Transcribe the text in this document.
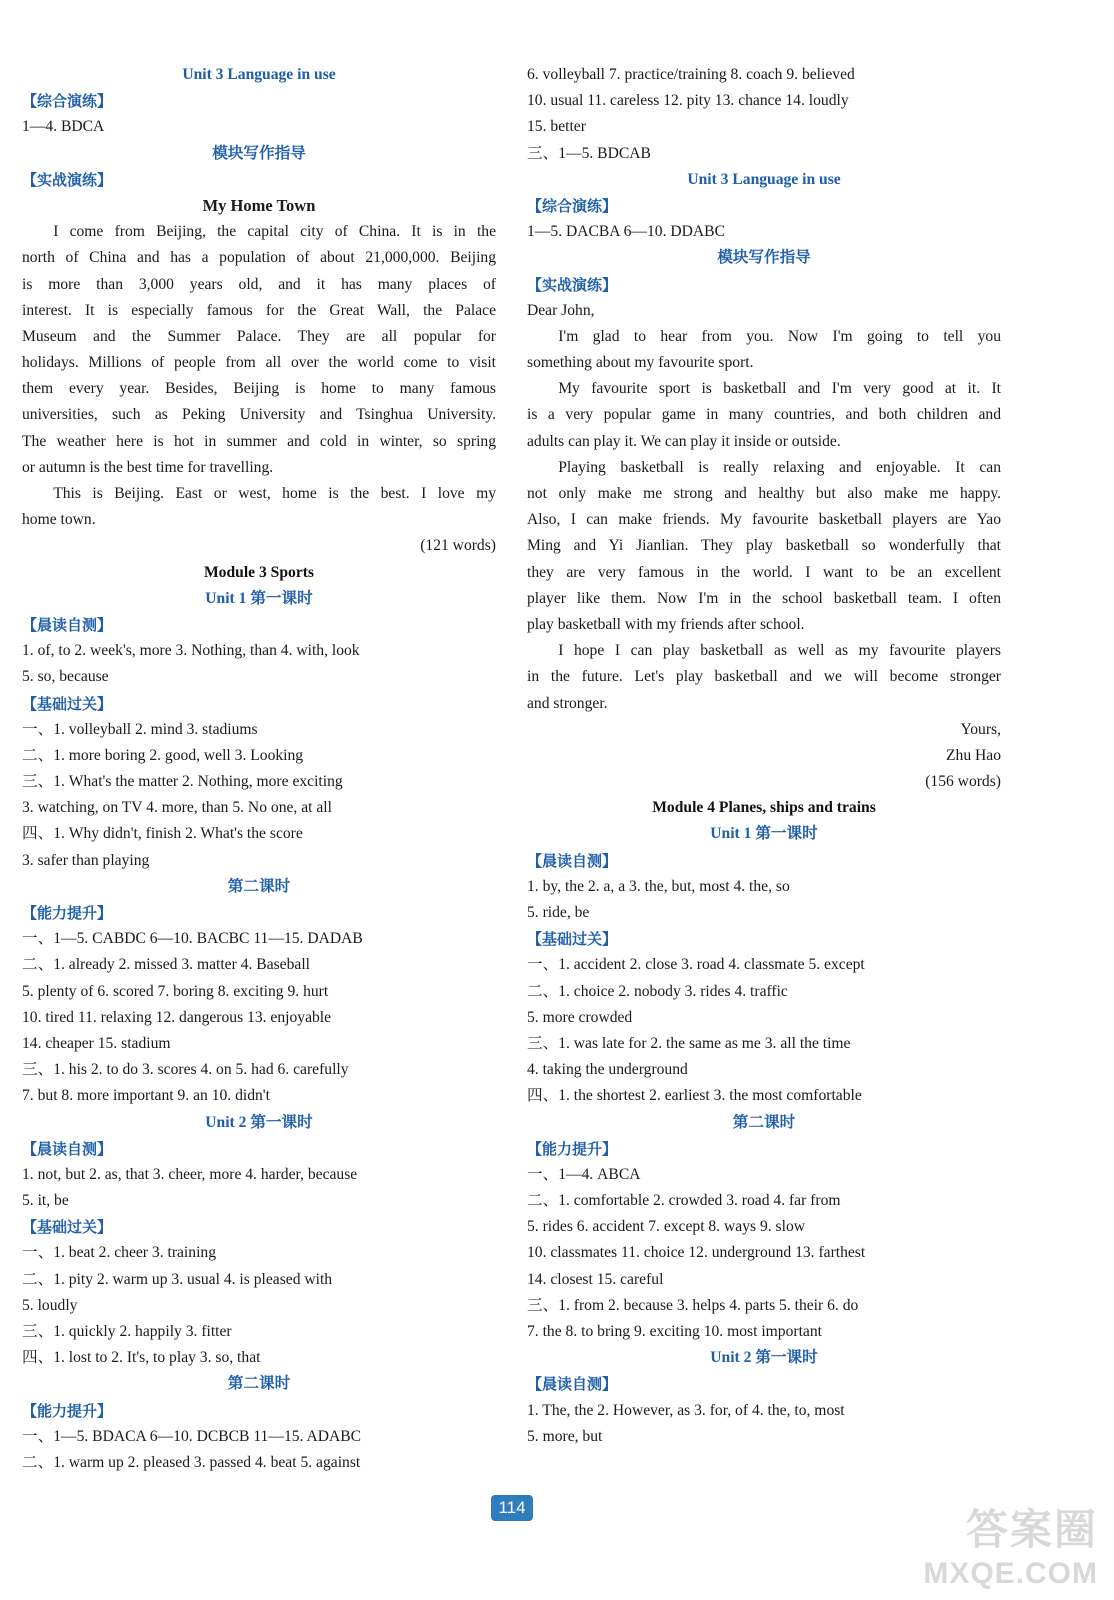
Unit 3 Language in use
【综合演练】
1—4. BDCA
模块写作指导
【实战演练】
My Home Town
I come from Beijing, the capital city of China. It is in the
north of China and has a population of about 21,000,000. Beijing
is more than 3,000 years old, and it has many places of
interest. It is especially famous for the Great Wall, the Palace
Museum and the Summer Palace. They are all popular for
holidays. Millions of people from all over the world come to visit
them every year. Besides, Beijing is home to many famous
universities, such as Peking University and Tsinghua University.
The weather here is hot in summer and cold in winter, so spring
or autumn is the best time for travelling.
This is Beijing. East or west, home is the best. I love my
home town.
(121 words)
Module 3 Sports
Unit 1 第一课时
【晨读自测】
1. of, to 2. week's, more 3. Nothing, than 4. with, look
5. so, because
【基础过关】
一、1. volleyball 2. mind 3. stadiums
二、1. more boring 2. good, well 3. Looking
三、1. What's the matter 2. Nothing, more exciting
3. watching, on TV 4. more, than 5. No one, at all
四、1. Why didn't, finish 2. What's the score
3. safer than playing
第二课时
【能力提升】
一、1—5. CABDC 6—10. BACBC 11—15. DADAB
二、1. already 2. missed 3. matter 4. Baseball
5. plenty of 6. scored 7. boring 8. exciting 9. hurt
10. tired 11. relaxing 12. dangerous 13. enjoyable
14. cheaper 15. stadium
三、1. his 2. to do 3. scores 4. on 5. had 6. carefully
7. but 8. more important 9. an 10. didn't
Unit 2 第一课时
【晨读自测】
1. not, but 2. as, that 3. cheer, more 4. harder, because
5. it, be
【基础过关】
一、1. beat 2. cheer 3. training
二、1. pity 2. warm up 3. usual 4. is pleased with
5. loudly
三、1. quickly 2. happily 3. fitter
四、1. lost to 2. It's, to play 3. so, that
第二课时
【能力提升】
一、1—5. BDACA 6—10. DCBCB 11—15. ADABC
二、1. warm up 2. pleased 3. passed 4. beat 5. against
6. volleyball 7. practice/training 8. coach 9. believed
10. usual 11. careless 12. pity 13. chance 14. loudly
15. better
三、1—5. BDCAB
Unit 3 Language in use
【综合演练】
1—5. DACBA 6—10. DDABC
模块写作指导
【实战演练】
Dear John,
I'm glad to hear from you. Now I'm going to tell you
something about my favourite sport.
My favourite sport is basketball and I'm very good at it. It
is a very popular game in many countries, and both children and
adults can play it. We can play it inside or outside.
Playing basketball is really relaxing and enjoyable. It can
not only make me strong and healthy but also make me happy.
Also, I can make friends. My favourite basketball players are Yao
Ming and Yi Jianlian. They play basketball so wonderfully that
they are very famous in the world. I want to be an excellent
player like them. Now I'm in the school basketball team. I often
play basketball with my friends after school.
I hope I can play basketball as well as my favourite players
in the future. Let's play basketball and we will become stronger
and stronger.
Yours,
Zhu Hao
(156 words)
Module 4 Planes, ships and trains
Unit 1 第一课时
【晨读自测】
1. by, the 2. a, a 3. the, but, most 4. the, so
5. ride, be
【基础过关】
一、1. accident 2. close 3. road 4. classmate 5. except
二、1. choice 2. nobody 3. rides 4. traffic
5. more crowded
三、1. was late for 2. the same as me 3. all the time
4. taking the underground
四、1. the shortest 2. earliest 3. the most comfortable
第二课时
【能力提升】
一、1—4. ABCA
二、1. comfortable 2. crowded 3. road 4. far from
5. rides 6. accident 7. except 8. ways 9. slow
10. classmates 11. choice 12. underground 13. farthest
14. closest 15. careful
三、1. from 2. because 3. helps 4. parts 5. their 6. do
7. the 8. to bring 9. exciting 10. most important
Unit 2 第一课时
【晨读自测】
1. The, the 2. However, as 3. for, of 4. the, to, most
5. more, but
114	答案圈
MXQE.COM
